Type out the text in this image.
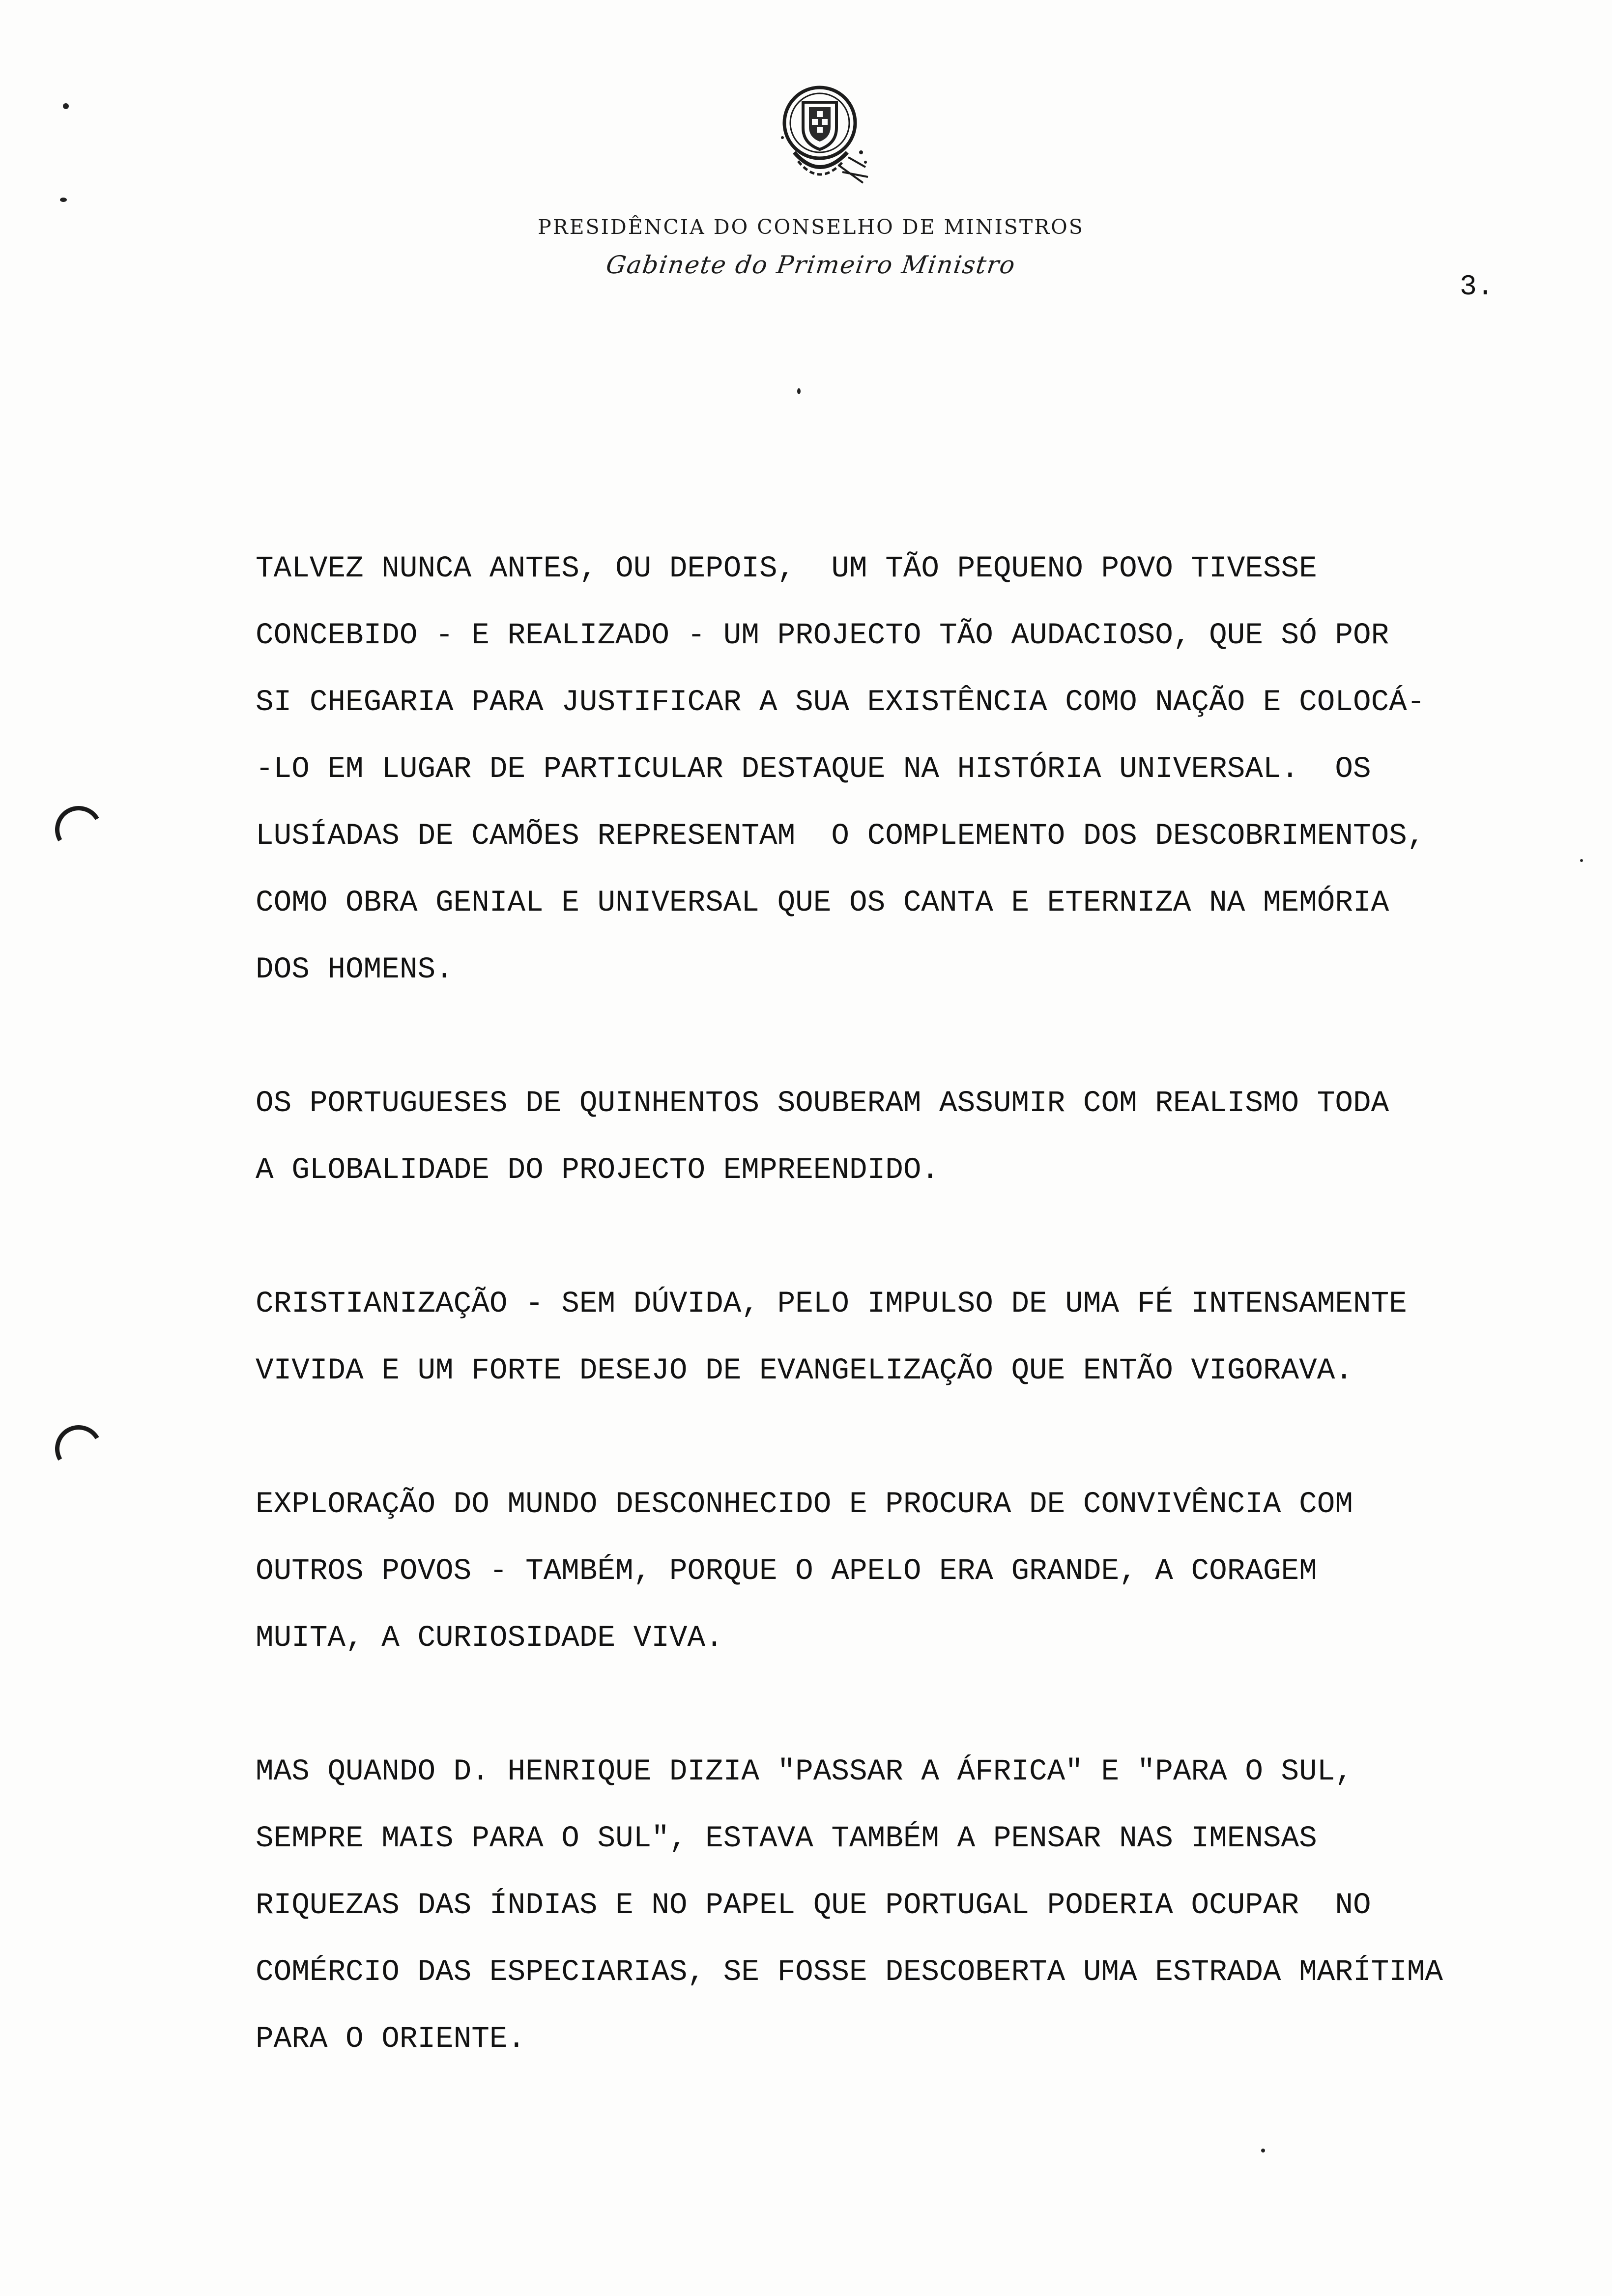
PRESIDÊNCIA DO CONSELHO DE MINISTROS
Gabinete do Primeiro Ministro
3.

TALVEZ NUNCA ANTES, OU DEPOIS,  UM TÃO PEQUENO POVO TIVESSE
CONCEBIDO - E REALIZADO - UM PROJECTO TÃO AUDACIOSO, QUE SÓ POR
SI CHEGARIA PARA JUSTIFICAR A SUA EXISTÊNCIA COMO NAÇÃO E COLOCÁ-
-LO EM LUGAR DE PARTICULAR DESTAQUE NA HISTÓRIA UNIVERSAL.  OS
LUSÍADAS DE CAMÕES REPRESENTAM  O COMPLEMENTO DOS DESCOBRIMENTOS,
COMO OBRA GENIAL E UNIVERSAL QUE OS CANTA E ETERNIZA NA MEMÓRIA
DOS HOMENS.

OS PORTUGUESES DE QUINHENTOS SOUBERAM ASSUMIR COM REALISMO TODA
A GLOBALIDADE DO PROJECTO EMPREENDIDO.

CRISTIANIZAÇÃO - SEM DÚVIDA, PELO IMPULSO DE UMA FÉ INTENSAMENTE
VIVIDA E UM FORTE DESEJO DE EVANGELIZAÇÃO QUE ENTÃO VIGORAVA.

EXPLORAÇÃO DO MUNDO DESCONHECIDO E PROCURA DE CONVIVÊNCIA COM
OUTROS POVOS - TAMBÉM, PORQUE O APELO ERA GRANDE, A CORAGEM
MUITA, A CURIOSIDADE VIVA.

MAS QUANDO D. HENRIQUE DIZIA "PASSAR A ÁFRICA" E "PARA O SUL,
SEMPRE MAIS PARA O SUL", ESTAVA TAMBÉM A PENSAR NAS IMENSAS
RIQUEZAS DAS ÍNDIAS E NO PAPEL QUE PORTUGAL PODERIA OCUPAR  NO
COMÉRCIO DAS ESPECIARIAS, SE FOSSE DESCOBERTA UMA ESTRADA MARÍTIMA
PARA O ORIENTE.
